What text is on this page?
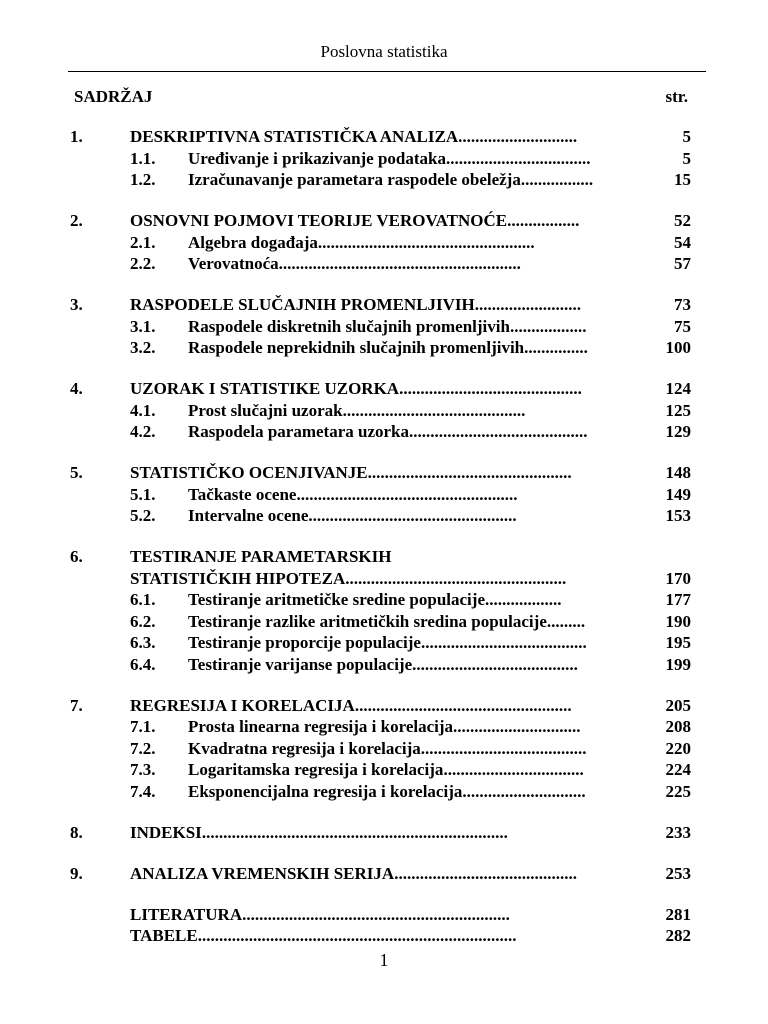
Poslovna statistika
SADRŽAJ	str.
1.	DESKRIPTIVNA STATISTIČKA ANALIZA............................	5
1.1. Uređivanje i prikazivanje podataka..................................	5
1.2. Izračunavanje parametara raspodele obeležja.................	15
2.	OSNOVNI POJMOVI TEORIJE VEROVATNOĆE.................	52
2.1. Algebra događaja...................................................	54
2.2. Verovatnoća.........................................................	57
3.	RASPODELE SLUČAJNIH PROMENLJIVIH.........................	73
3.1. Raspodele diskretnih slučajnih promenljivih..................	75
3.2. Raspodele neprekidnih slučajnih promenljivih...............	100
4.	UZORAK I STATISTIKE UZORKA...........................................	124
4.1. Prost slučajni uzorak...........................................	125
4.2. Raspodela parametara uzorka..........................................	129
5.	STATISTIČKO OCENJIVANJE................................................	148
5.1. Tačkaste ocene....................................................	149
5.2. Intervalne ocene.................................................	153
6.	TESTIRANJE PARAMETARSKIH
STATISTIČKIH HIPOTEZA....................................................	170
6.1. Testiranje aritmetičke sredine populacije..................	177
6.2. Testiranje razlike aritmetičkih sredina populacije.........	190
6.3. Testiranje proporcije populacije.......................................	195
6.4. Testiranje varijanse populacije.......................................	199
7.	REGRESIJA I KORELACIJA...................................................	205
7.1. Prosta linearna regresija i korelacija..............................	208
7.2. Kvadratna regresija i korelacija.......................................	220
7.3. Logaritamska regresija i korelacija.................................	224
7.4. Eksponencijalna regresija i korelacija.............................	225
8.	INDEKSI........................................................................	233
9.	ANALIZA VREMENSKIH SERIJA...........................................	253
LITERATURA...............................................................	281
TABELE...........................................................................	282
1
